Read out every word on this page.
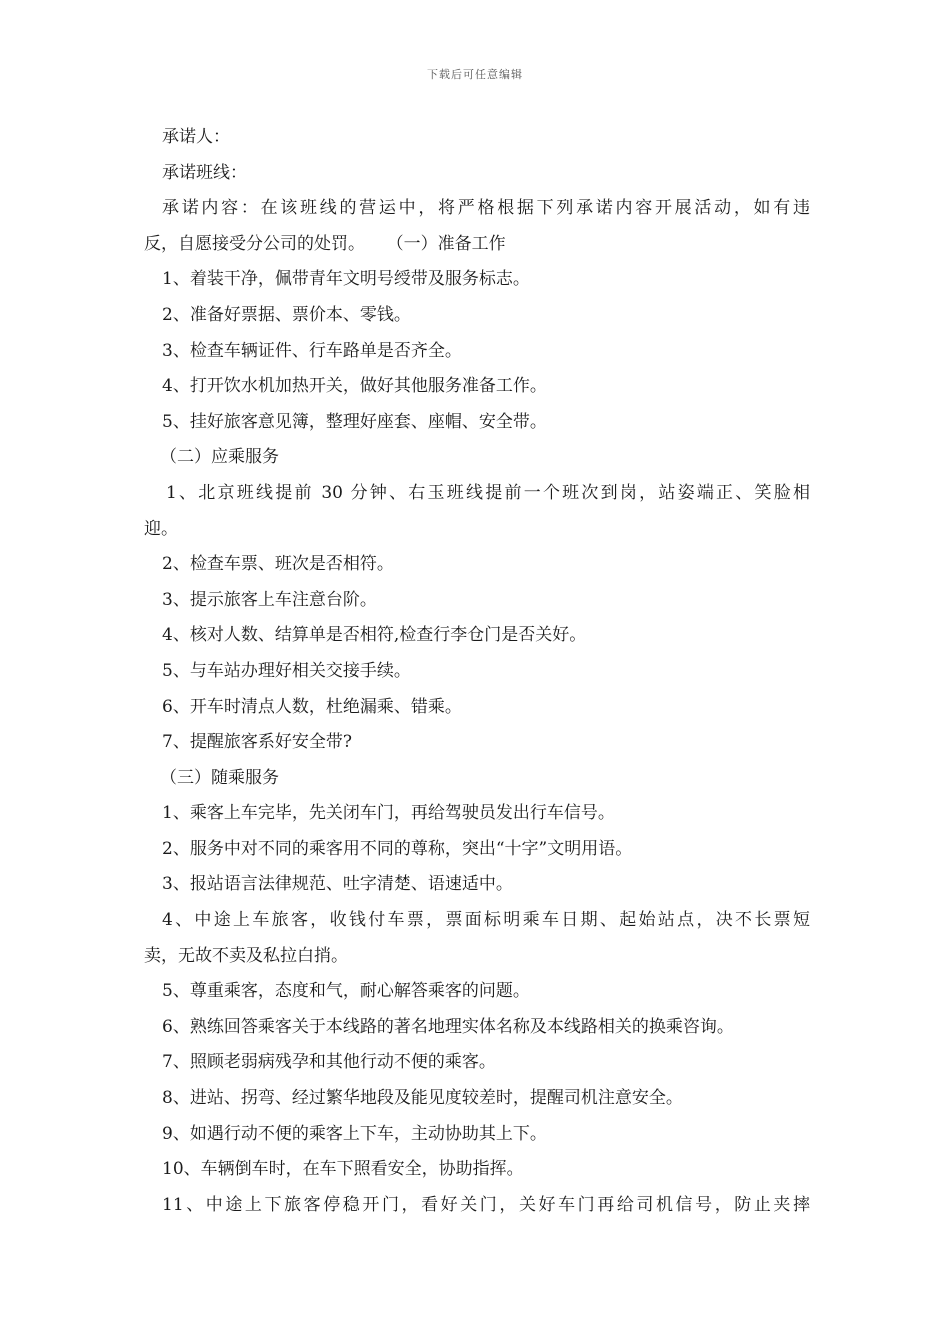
下载后可任意编辑
承诺人：
承诺班线：
承诺内容：在该班线的营运中，将严格根据下列承诺内容开展活动，如有违
反，自愿接受分公司的处罚。    （一）准备工作
1、着装干净，佩带青年文明号绶带及服务标志。
2、准备好票据、票价本、零钱。
3、检查车辆证件、行车路单是否齐全。
4、打开饮水机加热开关，做好其他服务准备工作。
5、挂好旅客意见簿，整理好座套、座帽、安全带。
（二）应乘服务
1、北京班线提前 30 分钟、右玉班线提前一个班次到岗，站姿端正、笑脸相
迎。
2、检查车票、班次是否相符。
3、提示旅客上车注意台阶。
4、核对人数、结算单是否相符,检查行李仓门是否关好。
5、与车站办理好相关交接手续。
6、开车时清点人数，杜绝漏乘、错乘。
7、提醒旅客系好安全带?
（三）随乘服务
1、乘客上车完毕，先关闭车门，再给驾驶员发出行车信号。
2、服务中对不同的乘客用不同的尊称，突出“十字”文明用语。
3、报站语言法律规范、吐字清楚、语速适中。
4、中途上车旅客，收钱付车票，票面标明乘车日期、起始站点，决不长票短
卖，无故不卖及私拉白捎。
5、尊重乘客，态度和气，耐心解答乘客的问题。
6、熟练回答乘客关于本线路的著名地理实体名称及本线路相关的换乘咨询。
7、照顾老弱病残孕和其他行动不便的乘客。
8、进站、拐弯、经过繁华地段及能见度较差时，提醒司机注意安全。
9、如遇行动不便的乘客上下车，主动协助其上下。
10、车辆倒车时，在车下照看安全，协助指挥。
11、中途上下旅客停稳开门，看好关门，关好车门再给司机信号，防止夹摔
